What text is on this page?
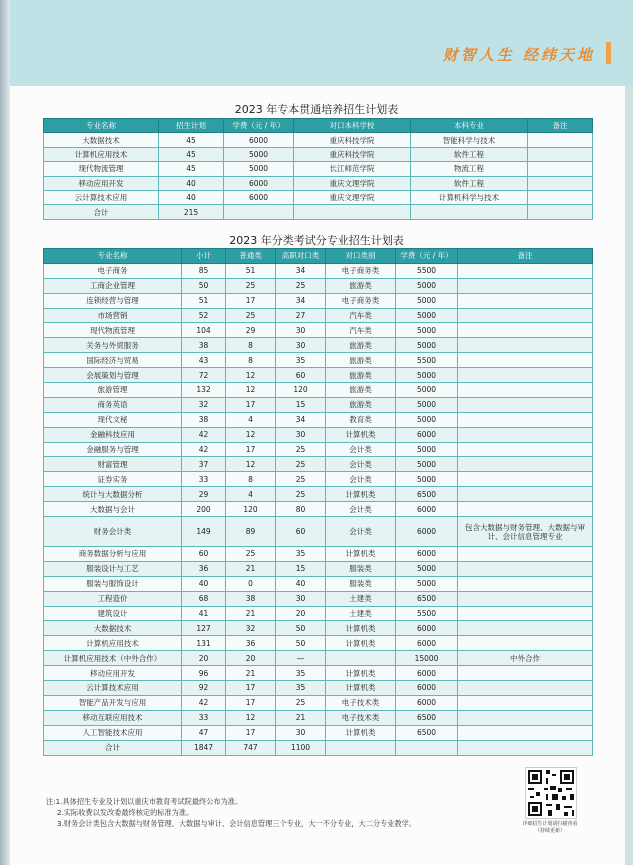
财智人生 经纬天地
2023 年专本贯通培养招生计划表
专业名称	招生计划	学费（元 / 年）	对口本科学校	本科专业	备注
大数据技术	45	6000	重庆科技学院	智能科学与技术	
计算机应用技术	45	5000	重庆科技学院	软件工程	
现代物流管理	45	5000	长江师范学院	物流工程	
移动应用开发	40	6000	重庆文理学院	软件工程	
云计算技术应用	40	6000	重庆文理学院	计算机科学与技术	
合计	215				
2023 年分类考试分专业招生计划表
专业名称	小计	普通类	高职对口类	对口类别	学费（元 / 年）	备注
电子商务	85	51	34	电子商务类	5500	
工商企业管理	50	25	25	旅游类	5000	
连锁经营与管理	51	17	34	电子商务类	5000	
市场营销	52	25	27	汽车类	5000	
现代物流管理	104	29	30	汽车类	5000	
关务与外贸服务	38	8	30	旅游类	5000	
国际经济与贸易	43	8	35	旅游类	5500	
会展策划与管理	72	12	60	旅游类	5000	
旅游管理	132	12	120	旅游类	5000	
商务英语	32	17	15	旅游类	5000	
现代文秘	38	4	34	教育类	5000	
金融科技应用	42	12	30	计算机类	6000	
金融服务与管理	42	17	25	会计类	5000	
财富管理	37	12	25	会计类	5000	
证券实务	33	8	25	会计类	5000	
统计与大数据分析	29	4	25	计算机类	6500	
大数据与会计	200	120	80	会计类	6000	
财务会计类	149	89	60	会计类	6000	包含大数据与财务管理、大数据与审计、会计信息管理专业
商务数据分析与应用	60	25	35	计算机类	6000	
服装设计与工艺	36	21	15	服装类	5000	
服装与服饰设计	40	0	40	服装类	5000	
工程造价	68	38	30	土建类	6500	
建筑设计	41	21	20	土建类	5500	
大数据技术	127	32	50	计算机类	6000	
计算机应用技术	131	36	50	计算机类	6000	
计算机应用技术（中外合作）	20	20	—		15000	中外合作
移动应用开发	96	21	35	计算机类	6000	
云计算技术应用	92	17	35	计算机类	6000	
智能产品开发与应用	42	17	25	电子技术类	6000	
移动互联应用技术	33	12	21	电子技术类	6500	
人工智能技术应用	47	17	30	计算机类	6500	
合计	1847	747	1100			
注:1.具体招生专业及计划以重庆市教育考试院最终公布为准。
2.实际收费以发改委最终核定的标准为准。
3.财务会计类包含大数据与财务管理、大数据与审计、会计信息管理三个专业，大一不分专业，大二分专业教学。	详细招生计划请扫描查看
（持续更新）
